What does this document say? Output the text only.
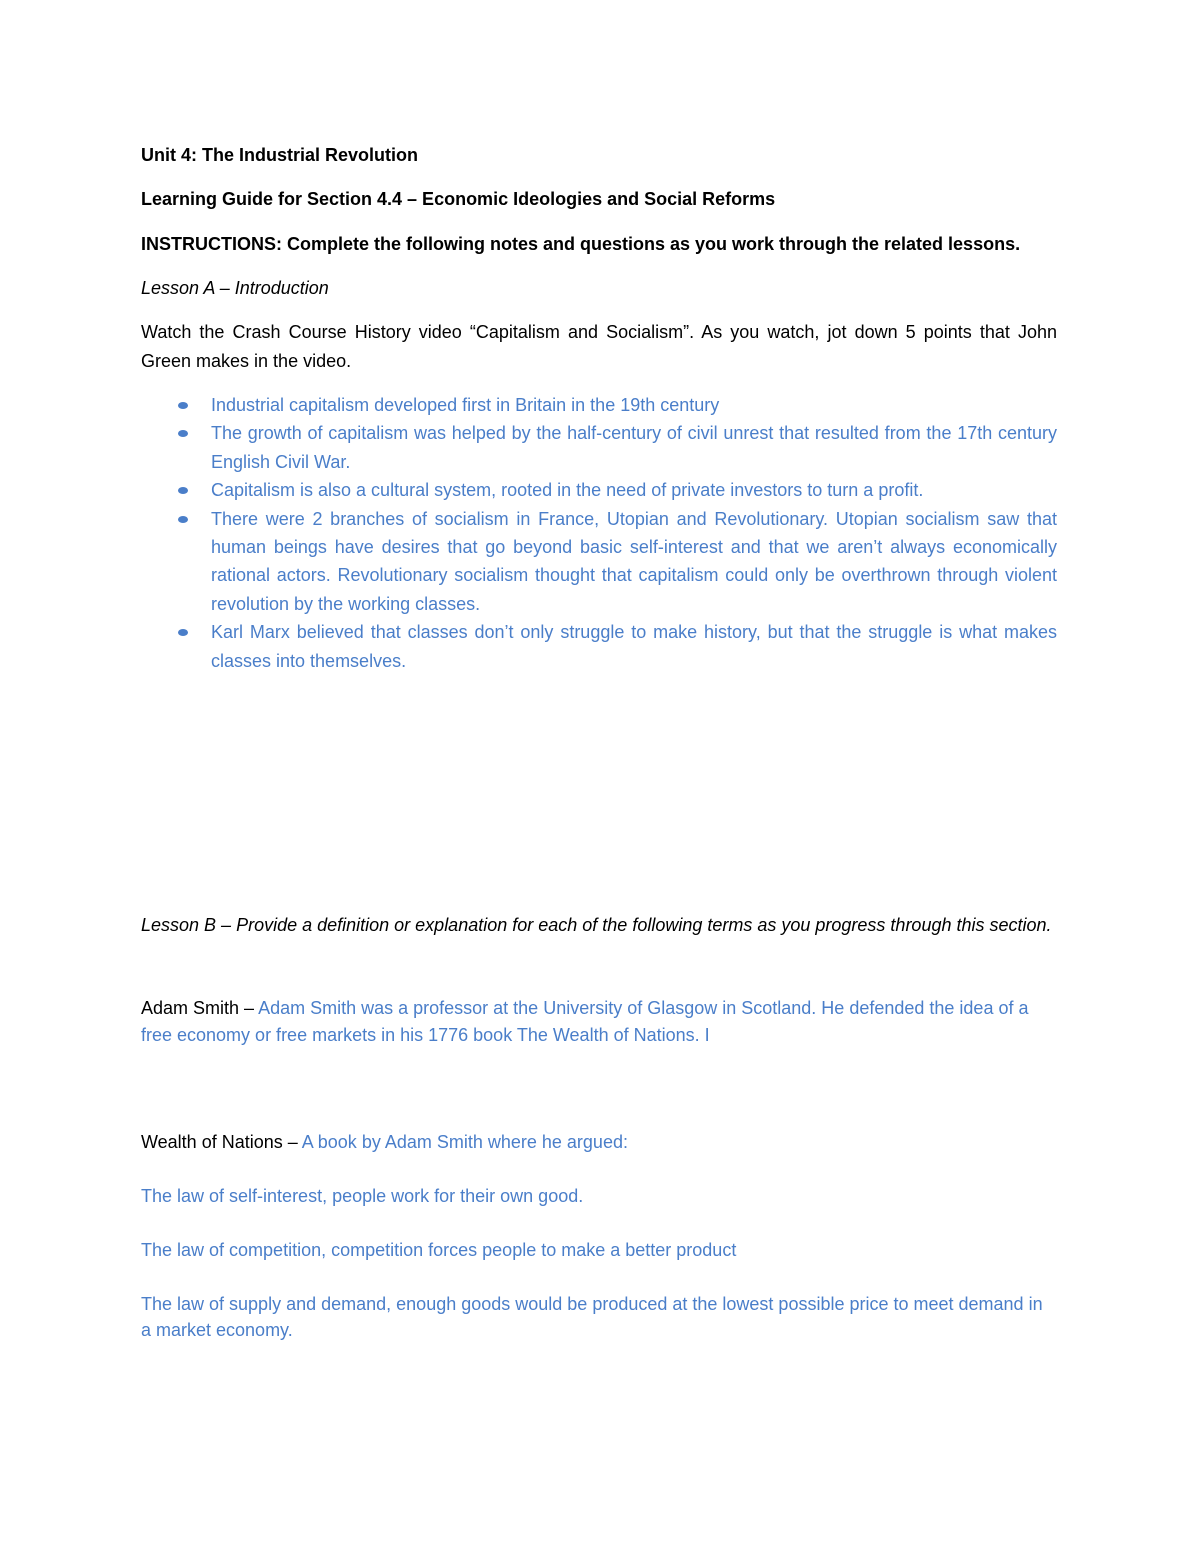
Unit 4: The Industrial Revolution

Learning Guide for Section 4.4 – Economic Ideologies and Social Reforms

INSTRUCTIONS: Complete the following notes and questions as you work through the related lessons.

Lesson A – Introduction

Watch the Crash Course History video “Capitalism and Socialism”. As you watch, jot down 5 points that John Green makes in the video.

Industrial capitalism developed first in Britain in the 19th century
The growth of capitalism was helped by the half-century of civil unrest that resulted from the 17th century English Civil War.
Capitalism is also a cultural system, rooted in the need of private investors to turn a profit.
There were 2 branches of socialism in France, Utopian and Revolutionary. Utopian socialism saw that human beings have desires that go beyond basic self-interest and that we aren’t always economically rational actors. Revolutionary socialism thought that capitalism could only be overthrown through violent revolution by the working classes.
Karl Marx believed that classes don’t only struggle to make history, but that the struggle is what makes classes into themselves.

Lesson B – Provide a definition or explanation for each of the following terms as you progress through this section.

Adam Smith – Adam Smith was a professor at the University of Glasgow in Scotland. He defended the idea of a free economy or free markets in his 1776 book The Wealth of Nations. I

Wealth of Nations – A book by Adam Smith where he argued:

The law of self-interest, people work for their own good.

The law of competition, competition forces people to make a better product

The law of supply and demand, enough goods would be produced at the lowest possible price to meet demand in a market economy.
